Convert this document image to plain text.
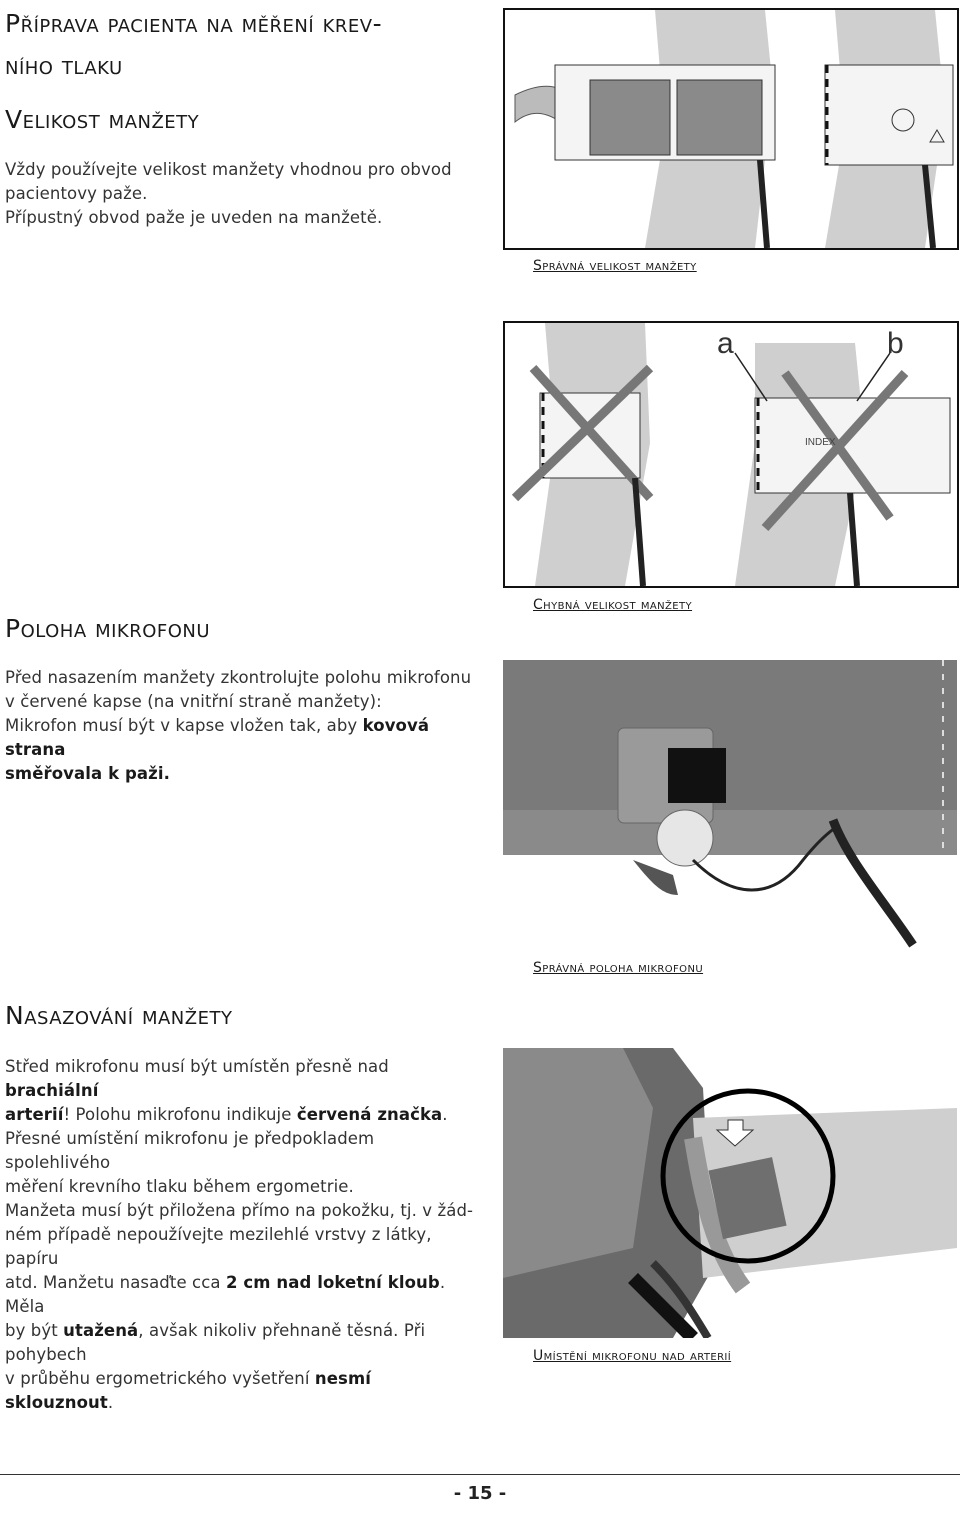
Příprava pacienta na měření krev-
ního tlaku
Velikost manžety
Vždy používejte velikost manžety vhodnou pro obvod
pacientovy paže.
Přípustný obvod paže je uveden na manžetě.
Správná velikost manžety
a	b
INDEX
Chybná velikost manžety
Poloha mikrofonu
Před nasazením manžety zkontrolujte polohu mikrofonu
v červené kapse (na vnitřní straně manžety):
Mikrofon musí být v kapse vložen tak, aby kovová strana
směřovala k paži.
Správná poloha mikrofonu
Nasazování manžety
Střed mikrofonu musí být umístěn přesně nad brachiální
arterií! Polohu mikrofonu indikuje červená značka.
Přesné umístění mikrofonu je předpokladem spolehlivého
měření krevního tlaku během ergometrie.
Manžeta musí být přiložena přímo na pokožku, tj. v žád-
ném případě nepoužívejte mezilehlé vrstvy z látky, papíru
atd. Manžetu nasaďte cca 2 cm nad loketní kloub. Měla
by být utažená, avšak nikoliv přehnaně těsná. Při pohybech
v průběhu ergometrického vyšetření nesmí sklouznout.
Umístění mikrofonu nad arterií
- 15 -
